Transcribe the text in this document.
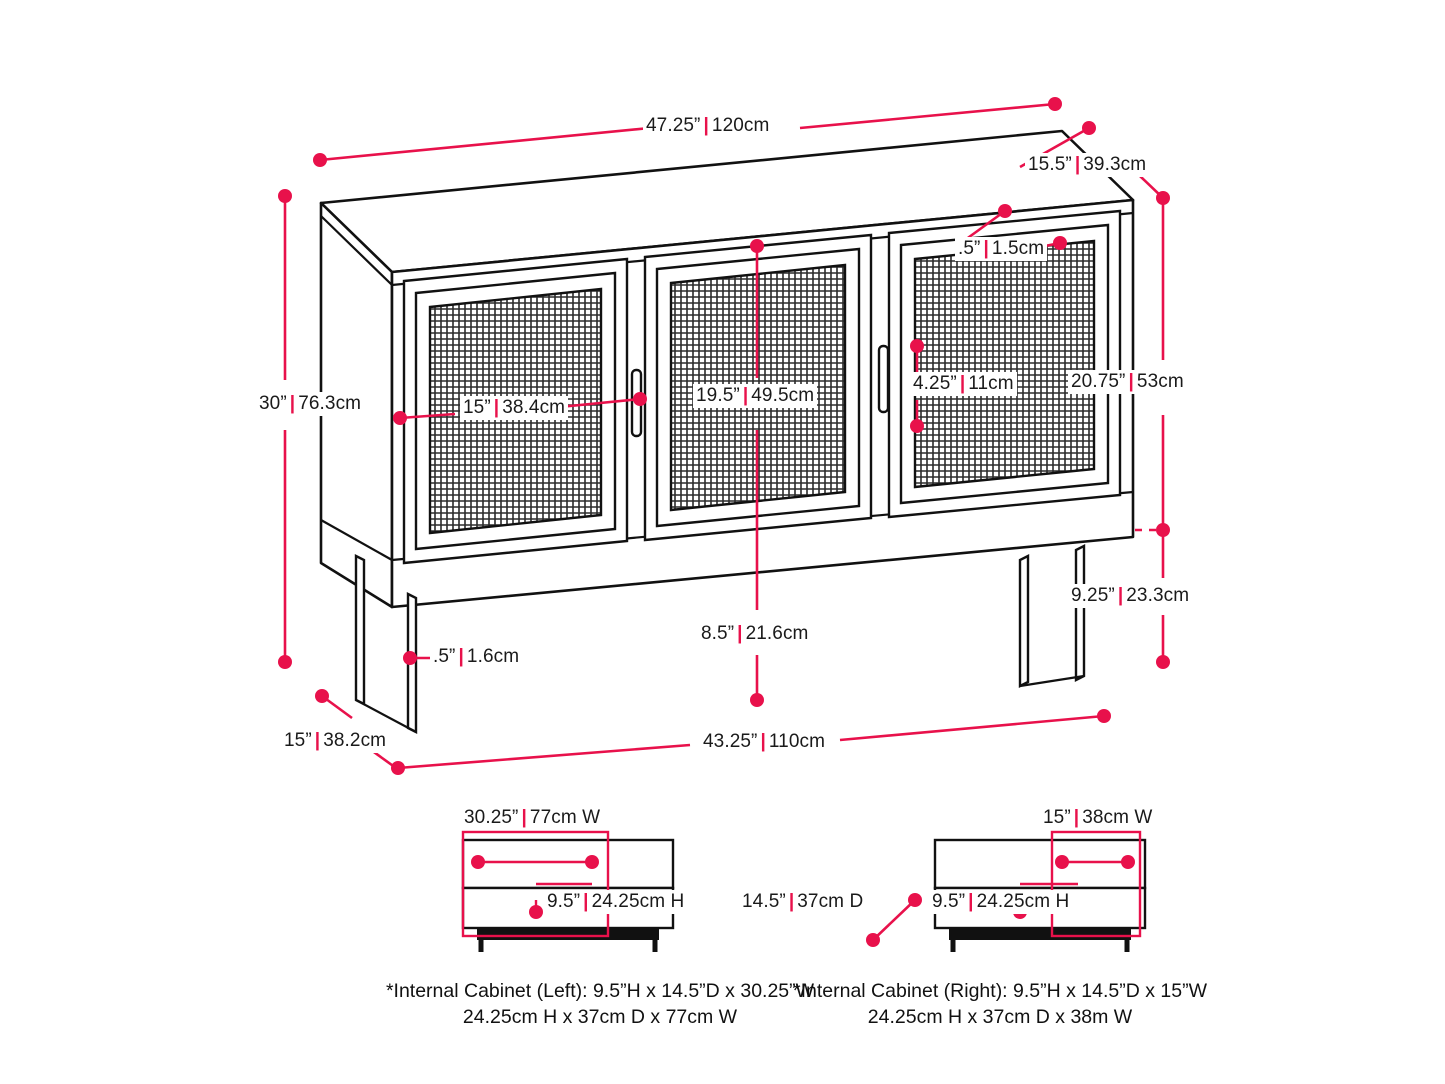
47.25” | 120cm
15.5” | 39.3cm
.5” | 1.5cm
30” | 76.3cm	15” | 38.4cm
19.5” | 49.5cm
4.25” | 11cm	20.75” | 53cm
9.25” | 23.3cm
8.5” | 21.6cm
.5” | 1.6cm
15” | 38.2cm	43.25” | 110cm
30.25” | 77cm W
9.5” | 24.25cm H
15” | 38cm W
9.5” | 24.25cm H
14.5” | 37cm D
*Internal Cabinet (Left): 9.5”H x 14.5”D x 30.25”W
24.25cm H x 37cm D x 77cm W
*Internal Cabinet (Right): 9.5”H x 14.5”D x 15”W
24.25cm H x 37cm D x 38m W
